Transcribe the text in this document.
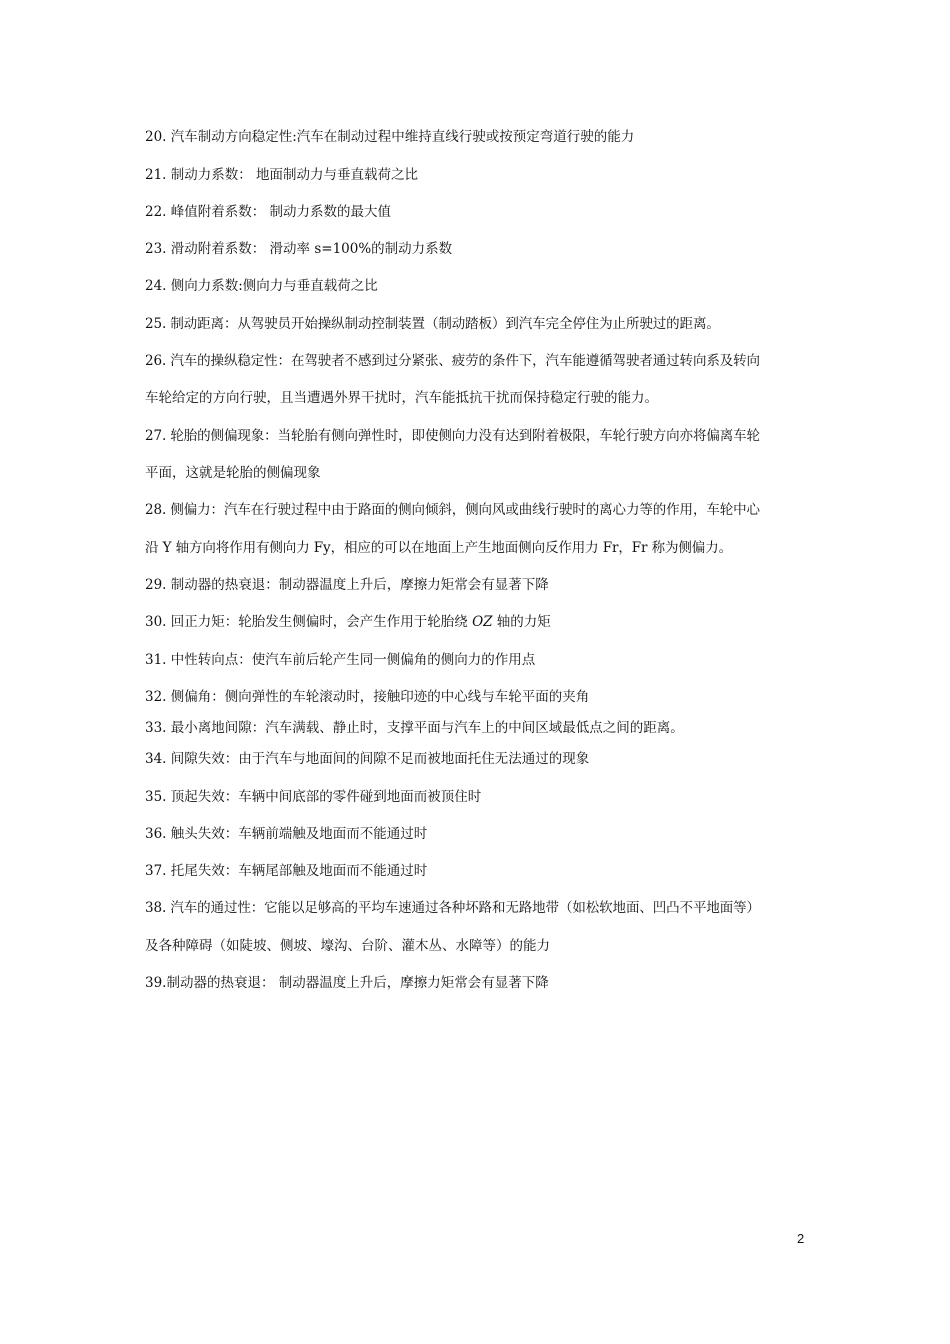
20. 汽车制动方向稳定性:汽车在制动过程中维持直线行驶或按预定弯道行驶的能力
21. 制动力系数： 地面制动力与垂直载荷之比
22. 峰值附着系数： 制动力系数的最大值
23. 滑动附着系数： 滑动率 s=100%的制动力系数
24. 侧向力系数:侧向力与垂直载荷之比
25. 制动距离：从驾驶员开始操纵制动控制装置（制动踏板）到汽车完全停住为止所驶过的距离。
26. 汽车的操纵稳定性：在驾驶者不感到过分紧张、疲劳的条件下，汽车能遵循驾驶者通过转向系及转向
车轮给定的方向行驶，且当遭遇外界干扰时，汽车能抵抗干扰而保持稳定行驶的能力。
27. 轮胎的侧偏现象：当轮胎有侧向弹性时，即使侧向力没有达到附着极限，车轮行驶方向亦将偏离车轮
平面，这就是轮胎的侧偏现象
28. 侧偏力：汽车在行驶过程中由于路面的侧向倾斜，侧向风或曲线行驶时的离心力等的作用，车轮中心
沿 Y 轴方向将作用有侧向力 Fy，相应的可以在地面上产生地面侧向反作用力 Fr，Fr 称为侧偏力。
29. 制动器的热衰退：制动器温度上升后，摩擦力矩常会有显著下降
30. 回正力矩：轮胎发生侧偏时，会产生作用于轮胎绕 OZ 轴的力矩
31. 中性转向点：使汽车前后轮产生同一侧偏角的侧向力的作用点
32. 侧偏角：侧向弹性的车轮滚动时，接触印迹的中心线与车轮平面的夹角
33. 最小离地间隙：汽车满载、静止时，支撑平面与汽车上的中间区域最低点之间的距离。
34. 间隙失效：由于汽车与地面间的间隙不足而被地面托住无法通过的现象
35. 顶起失效：车辆中间底部的零件碰到地面而被顶住时
36. 触头失效：车辆前端触及地面而不能通过时
37. 托尾失效：车辆尾部触及地面而不能通过时
38. 汽车的通过性：它能以足够高的平均车速通过各种坏路和无路地带（如松软地面、凹凸不平地面等）
及各种障碍（如陡坡、侧坡、壕沟、台阶、灌木丛、水障等）的能力
39.制动器的热衰退： 制动器温度上升后，摩擦力矩常会有显著下降
2
